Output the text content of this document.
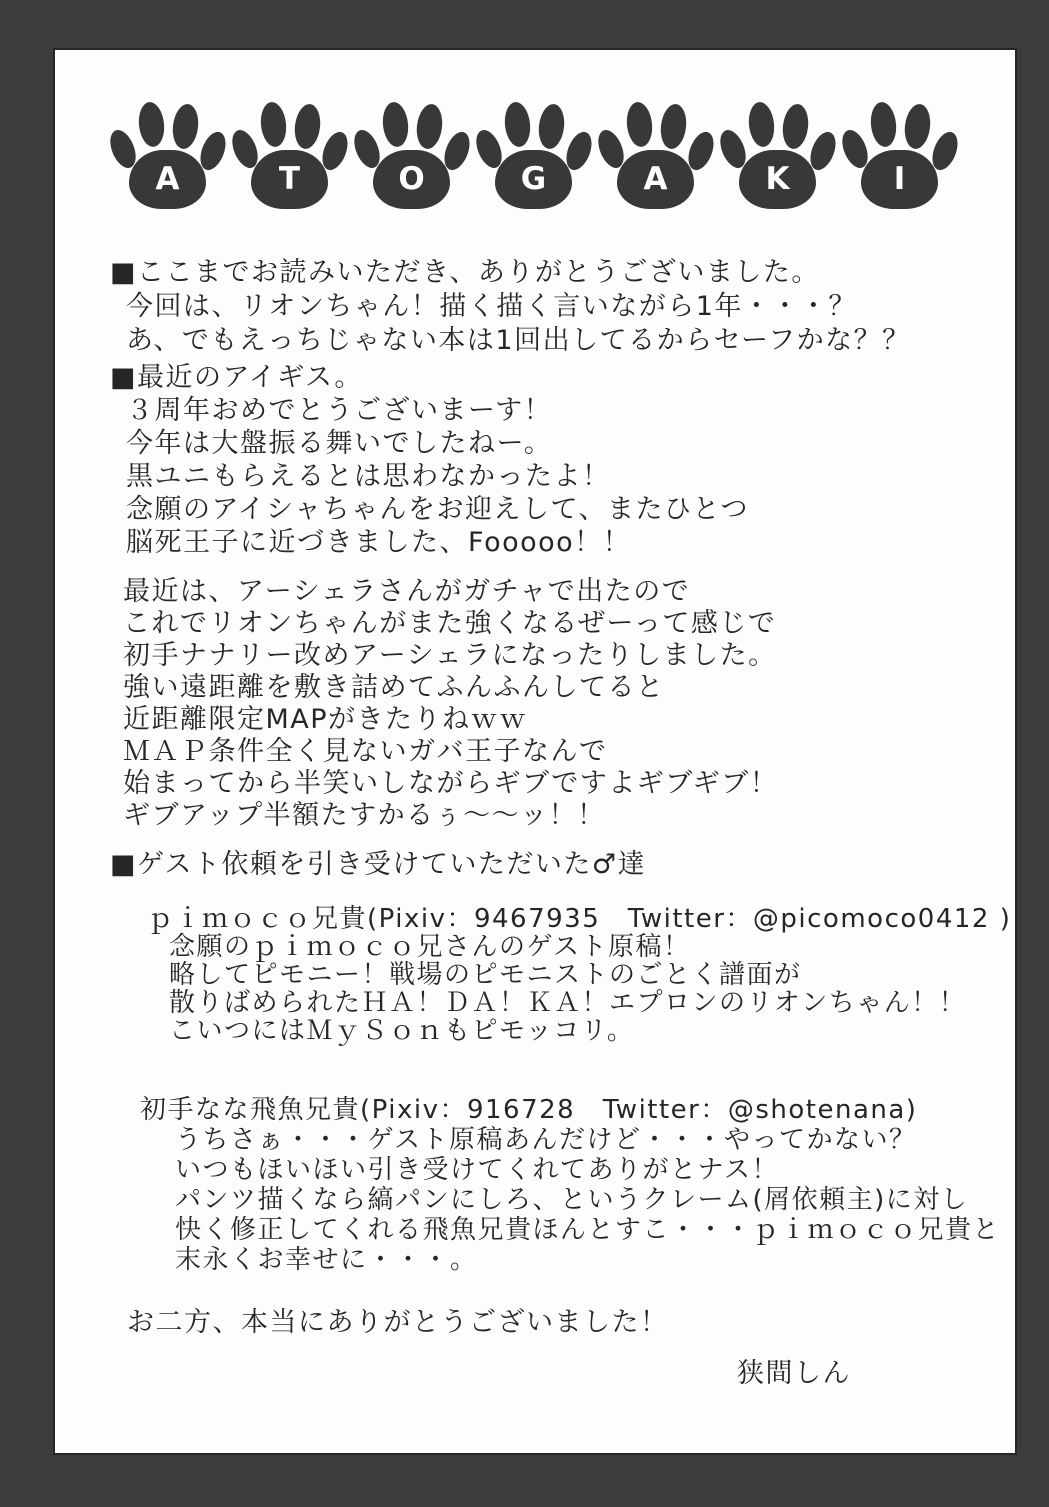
A	T	O	G	A	K	I
■ここまでお読みいただき、ありがとうございました。
今回は、リオンちゃん！描く描く言いながら1年・・・？
あ、でもえっちじゃない本は1回出してるからセーフかな？？
■最近のアイギス。
３周年おめでとうございまーす！
今年は大盤振る舞いでしたねー。
黒ユニもらえるとは思わなかったよ！
念願のアイシャちゃんをお迎えして、またひとつ
脳死王子に近づきました、Fooooo！！
最近は、アーシェラさんがガチャで出たので
これでリオンちゃんがまた強くなるぜーって感じで
初手ナナリー改めアーシェラになったりしました。
強い遠距離を敷き詰めてふんふんしてると
近距離限定MAPがきたりねｗｗ
ＭＡＰ条件全く見ないガバ王子なんで
始まってから半笑いしながらギブですよギブギブ！
ギブアップ半額たすかるぅ～～ッ！！
■ゲスト依頼を引き受けていただいた♂達
ｐｉｍｏｃｏ兄貴(Pixiv：9467935　Twitter：@picomoco0412 )
念願のｐｉｍｏｃｏ兄さんのゲスト原稿！
略してピモニー！戦場のピモニストのごとく譜面が
散りばめられたＨＡ！ＤＡ！ＫＡ！エプロンのリオンちゃん！！
こいつにはＭｙＳｏｎもピモッコリ。
初手なな飛魚兄貴(Pixiv：916728　Twitter：@shotenana)
うちさぁ・・・ゲスト原稿あんだけど・・・やってかない？
いつもほいほい引き受けてくれてありがとナス！
パンツ描くなら縞パンにしろ、というクレーム(屑依頼主)に対し
快く修正してくれる飛魚兄貴ほんとすこ・・・ｐｉｍｏｃｏ兄貴と
末永くお幸せに・・・。
お二方、本当にありがとうございました！
狭間しん
